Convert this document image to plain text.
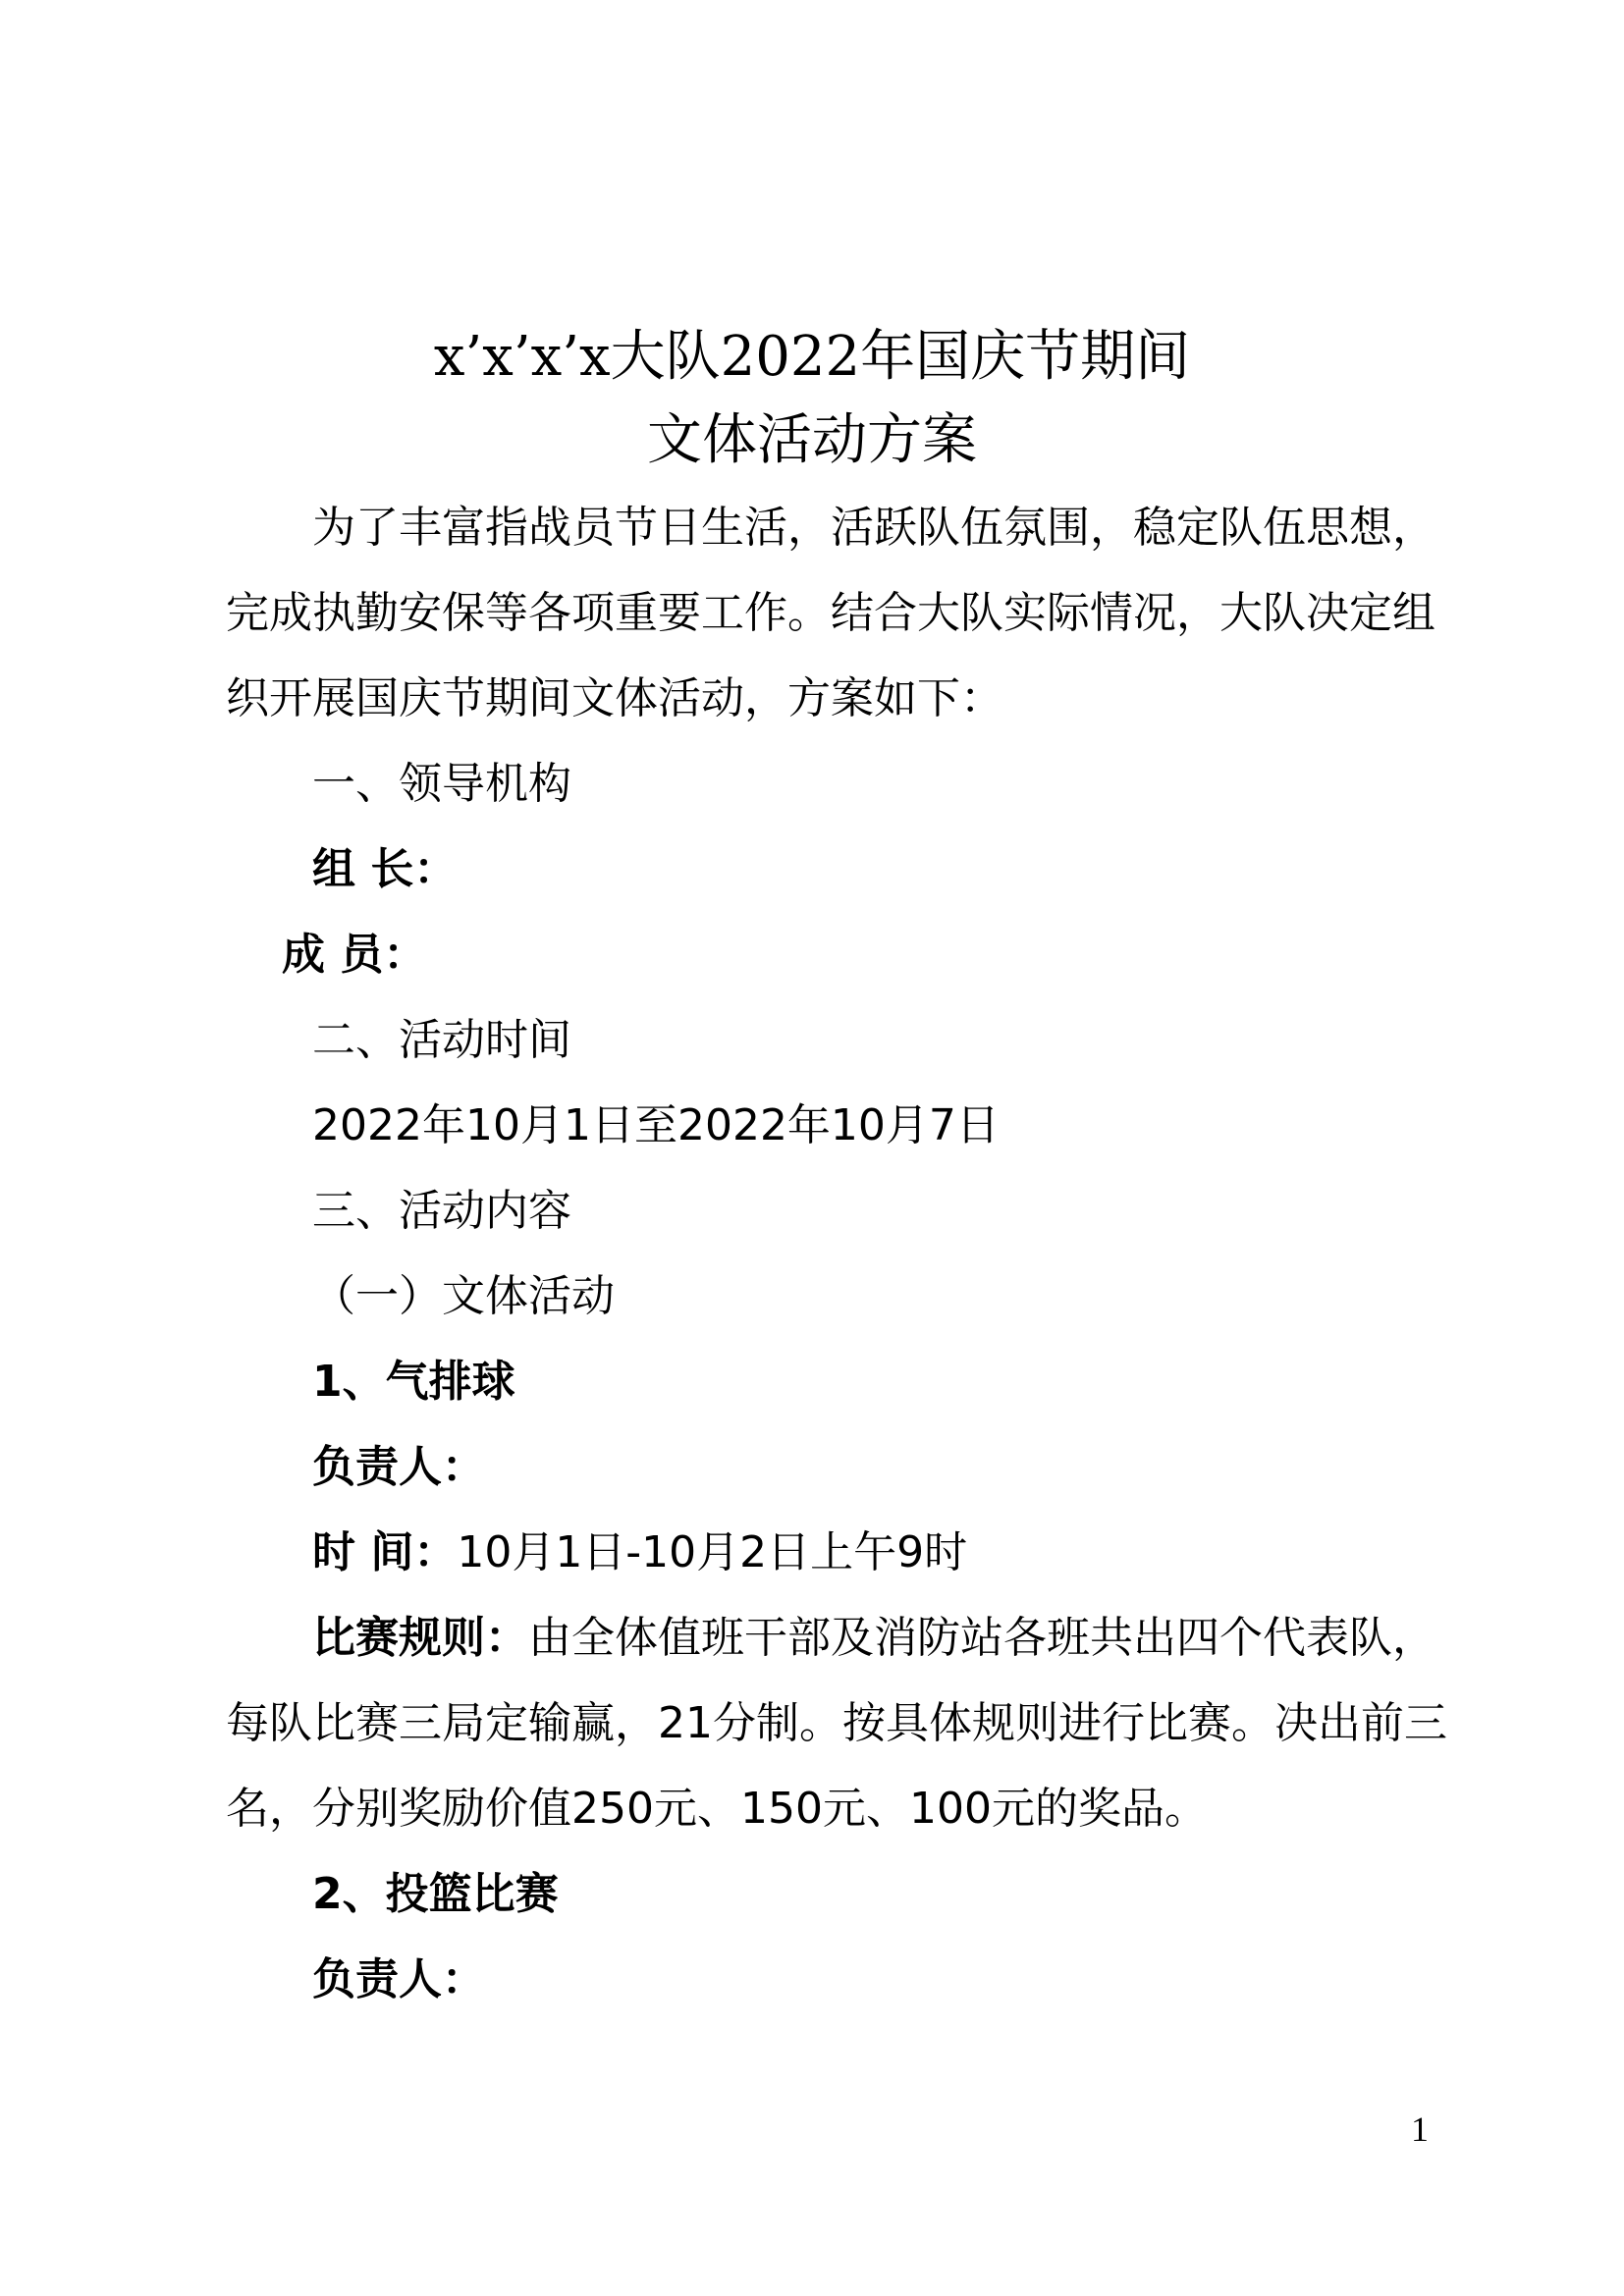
x’x’x’x大队2022年国庆节期间
文体活动方案
为了丰富指战员节日生活，活跃队伍氛围，稳定队伍思想，
完成执勤安保等各项重要工作。结合大队实际情况，大队决定组
织开展国庆节期间文体活动，方案如下：
一、领导机构
组 长：
成 员：
二、活动时间
2022年10月1日至2022年10月7日
三、活动内容
（一）文体活动
1、气排球
负责人：
时 间：10月1日-10月2日上午9时
比赛规则：由全体值班干部及消防站各班共出四个代表队，
每队比赛三局定输赢，21分制。按具体规则进行比赛。决出前三
名，分别奖励价值250元、150元、100元的奖品。
2、投篮比赛
负责人：
1
